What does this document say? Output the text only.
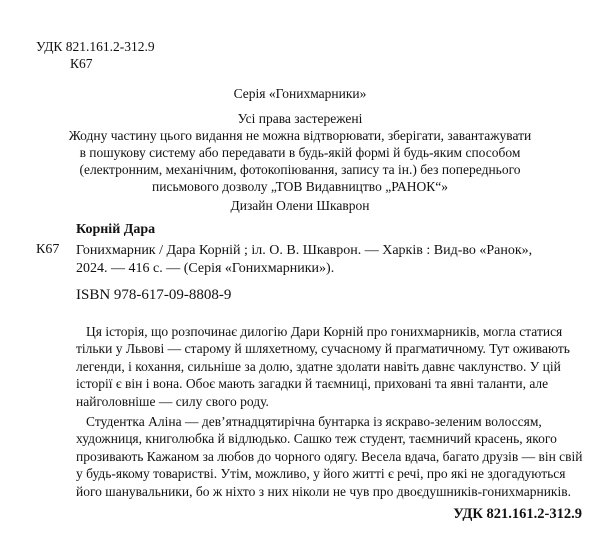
УДК 821.161.2-312.9
К67
Серія «Гонихмарники»
Усі права застережені
Жодну частину цього видання не можна відтворювати, зберігати, завантажувати
в пошукову систему або передавати в будь-якій формі й будь-яким способом
(електронним, механічним, фотокопіювання, запису та ін.) без попереднього
письмового дозволу „ТОВ Видавництво „РАНОК“»
Дизайн Олени Шкаврон
Корній Дара
К67 Гонихмарник / Дара Корній ; іл. О. В. Шкаврон. — Харків : Вид-во «Ранок»,
2024. — 416 с. — (Серія «Гонихмарники»).
ISBN 978-617-09-8808-9
Ця історія, що розпочинає дилогію Дари Корній про гонихмарників, могла статися
тільки у Львові — старому й шляхетному, сучасному й прагматичному. Тут оживають
легенди, і кохання, сильніше за долю, здатне здолати навіть давнє чаклунство. У цій
історії є він і вона. Обоє мають загадки й таємниці, приховані та явні таланти, але
найголовніше — силу свого роду.
Студентка Аліна — дев’ятнадцятирічна бунтарка із яскраво-зеленим волоссям,
художниця, книголюбка й відлюдько. Сашко теж студент, таємничий красень, якого
прозивають Кажаном за любов до чорного одягу. Весела вдача, багато друзів — він свій
у будь-якому товаристві. Утім, можливо, у його житті є речі, про які не здогадуються
його шанувальники, бо ж ніхто з них ніколи не чув про двоєдушників-гонихмарників.
УДК 821.161.2-312.9
